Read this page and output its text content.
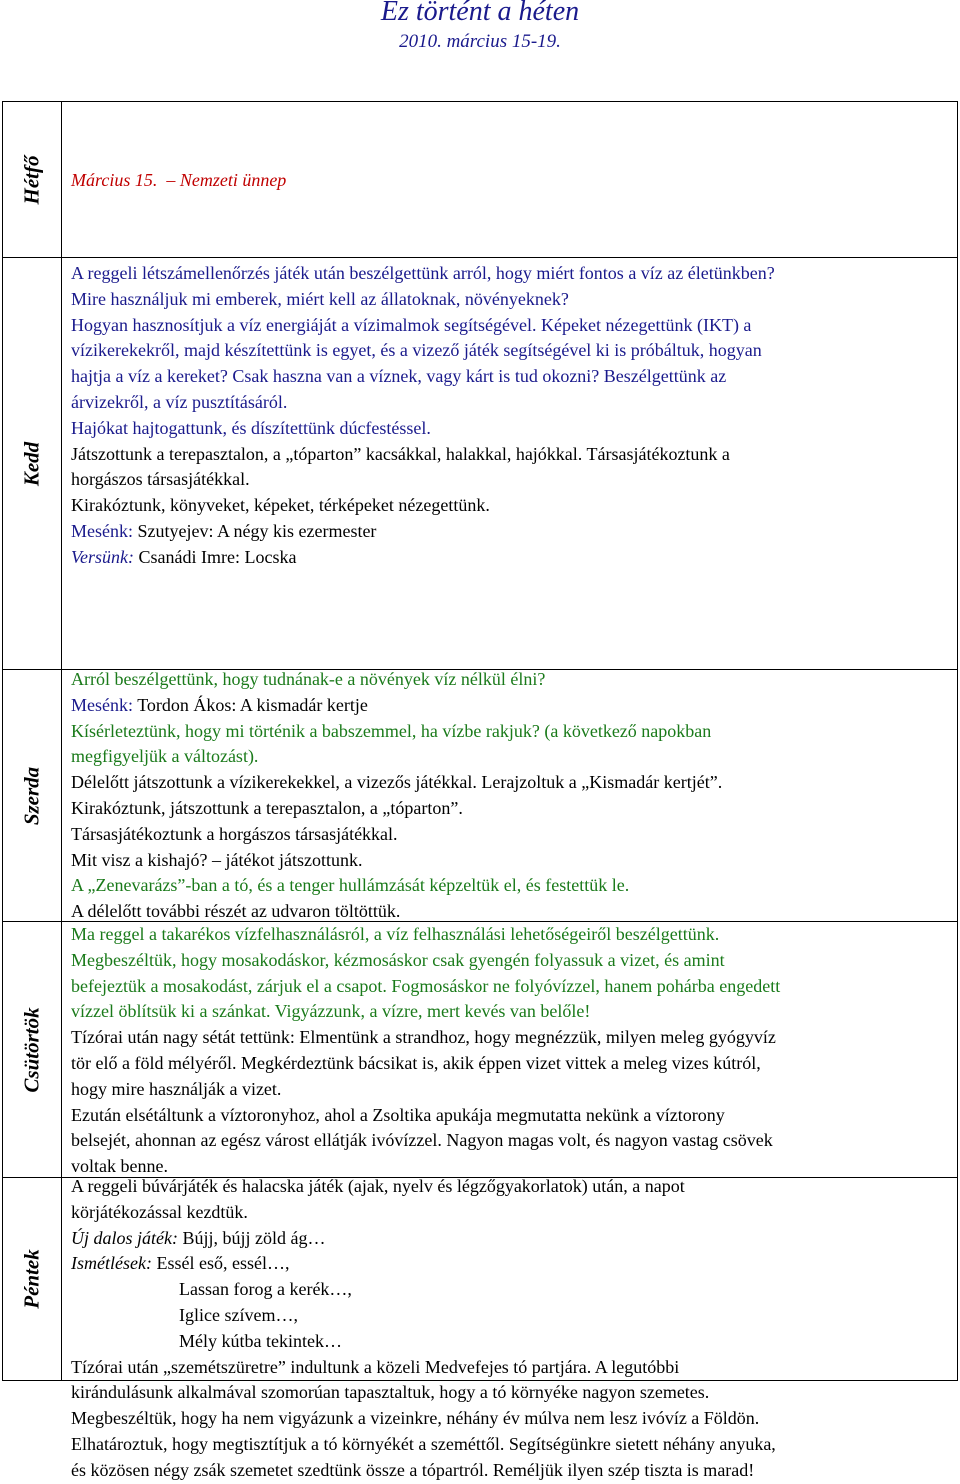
Ez történt a héten
2010. március 15-19.
Hétfő Március 15. – Nemzeti ünnep
Kedd
A reggeli létszámellenőrzés játék után beszélgettünk arról, hogy miért fontos a víz az életünkben?
Mire használjuk mi emberek, miért kell az állatoknak, növényeknek?
Hogyan hasznosítjuk a víz energiáját a vízimalmok segítségével. Képeket nézegettünk (IKT) a
vízikerekekről, majd készítettünk is egyet, és a vizező játék segítségével ki is próbáltuk, hogyan
hajtja a víz a kereket? Csak haszna van a víznek, vagy kárt is tud okozni? Beszélgettünk az
árvizekről, a víz pusztításáról.
Hajókat hajtogattunk, és díszítettünk dúcfestéssel.
Játszottunk a terepasztalon, a „tóparton” kacsákkal, halakkal, hajókkal. Társasjátékoztunk a
horgászos társasjátékkal.
Kirakóztunk, könyveket, képeket, térképeket nézegettünk.
Mesénk: Szutyejev: A négy kis ezermester
Versünk: Csanádi Imre: Locska
Szerda
Arról beszélgettünk, hogy tudnának-e a növények víz nélkül élni?
Mesénk: Tordon Ákos: A kismadár kertje
Kísérleteztünk, hogy mi történik a babszemmel, ha vízbe rakjuk? (a következő napokban
megfigyeljük a változást).
Délelőtt játszottunk a vízikerekekkel, a vizezős játékkal. Lerajzoltuk a „Kismadár kertjét”.
Kirakóztunk, játszottunk a terepasztalon, a „tóparton”.
Társasjátékoztunk a horgászos társasjátékkal.
Mit visz a kishajó? – játékot játszottunk.
A „Zenevarázs”-ban a tó, és a tenger hullámzását képzeltük el, és festettük le.
A délelőtt további részét az udvaron töltöttük.
Csütörtök
Ma reggel a takarékos vízfelhasználásról, a víz felhasználási lehetőségeiről beszélgettünk.
Megbeszéltük, hogy mosakodáskor, kézmosáskor csak gyengén folyassuk a vizet, és amint
befejeztük a mosakodást, zárjuk el a csapot. Fogmosáskor ne folyóvízzel, hanem pohárba engedett
vízzel öblítsük ki a szánkat. Vigyázzunk, a vízre, mert kevés van belőle!
Tízórai után nagy sétát tettünk: Elmentünk a strandhoz, hogy megnézzük, milyen meleg gyógyvíz
tör elő a föld mélyéről. Megkérdeztünk bácsikat is, akik éppen vizet vittek a meleg vizes kútról,
hogy mire használják a vizet.
Ezután elsétáltunk a víztoronyhoz, ahol a Zsoltika apukája megmutatta nekünk a víztorony
belsejét, ahonnan az egész várost ellátják ivóvízzel. Nagyon magas volt, és nagyon vastag csövek
voltak benne.
Péntek
A reggeli búvárjáték és halacska játék (ajak, nyelv és légzőgyakorlatok) után, a napot
körjátékozással kezdtük.
Új dalos játék: Bújj, bújj zöld ág…
Ismétlések: Essél eső, essél…,
Lassan forog a kerék…,
Iglice szívem…,
Mély kútba tekintek…
Tízórai után „szemétszüretre” indultunk a közeli Medvefejes tó partjára. A legutóbbi
kirándulásunk alkalmával szomorúan tapasztaltuk, hogy a tó környéke nagyon szemetes.
Megbeszéltük, hogy ha nem vigyázunk a vizeinkre, néhány év múlva nem lesz ivóvíz a Földön.
Elhatároztuk, hogy megtisztítjuk a tó környékét a szeméttől. Segítségünkre sietett néhány anyuka,
és közösen négy zsák szemetet szedtünk össze a tópartról. Reméljük ilyen szép tiszta is marad!
